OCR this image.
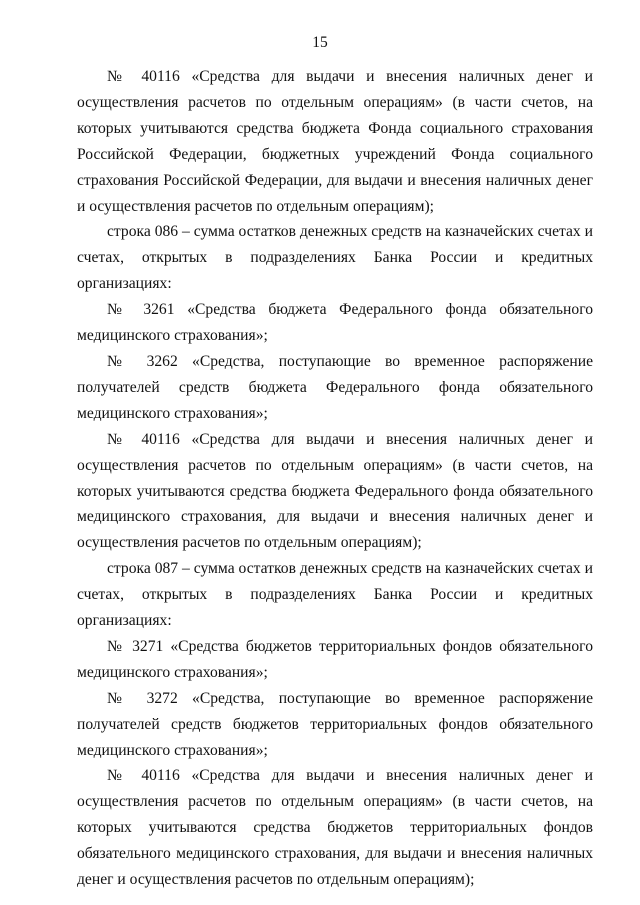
15

№ 40116 «Средства для выдачи и внесения наличных денег и осуществления расчетов по отдельным операциям» (в части счетов, на которых учитываются средства бюджета Фонда социального страхования Российской Федерации, бюджетных учреждений Фонда социального страхования Российской Федерации, для выдачи и внесения наличных денег и осуществления расчетов по отдельным операциям);

строка 086 – сумма остатков денежных средств на казначейских счетах и счетах, открытых в подразделениях Банка России и кредитных организациях:

№ 3261 «Средства бюджета Федерального фонда обязательного медицинского страхования»;

№ 3262 «Средства, поступающие во временное распоряжение получателей средств бюджета Федерального фонда обязательного медицинского страхования»;

№ 40116 «Средства для выдачи и внесения наличных денег и осуществления расчетов по отдельным операциям» (в части счетов, на которых учитываются средства бюджета Федерального фонда обязательного медицинского страхования, для выдачи и внесения наличных денег и осуществления расчетов по отдельным операциям);

строка 087 – сумма остатков денежных средств на казначейских счетах и счетах, открытых в подразделениях Банка России и кредитных организациях:

№ 3271 «Средства бюджетов территориальных фондов обязательного медицинского страхования»;

№ 3272 «Средства, поступающие во временное распоряжение получателей средств бюджетов территориальных фондов обязательного медицинского страхования»;

№ 40116 «Средства для выдачи и внесения наличных денег и осуществления расчетов по отдельным операциям» (в части счетов, на которых учитываются средства бюджетов территориальных фондов обязательного медицинского страхования, для выдачи и внесения наличных денег и осуществления расчетов по отдельным операциям);
